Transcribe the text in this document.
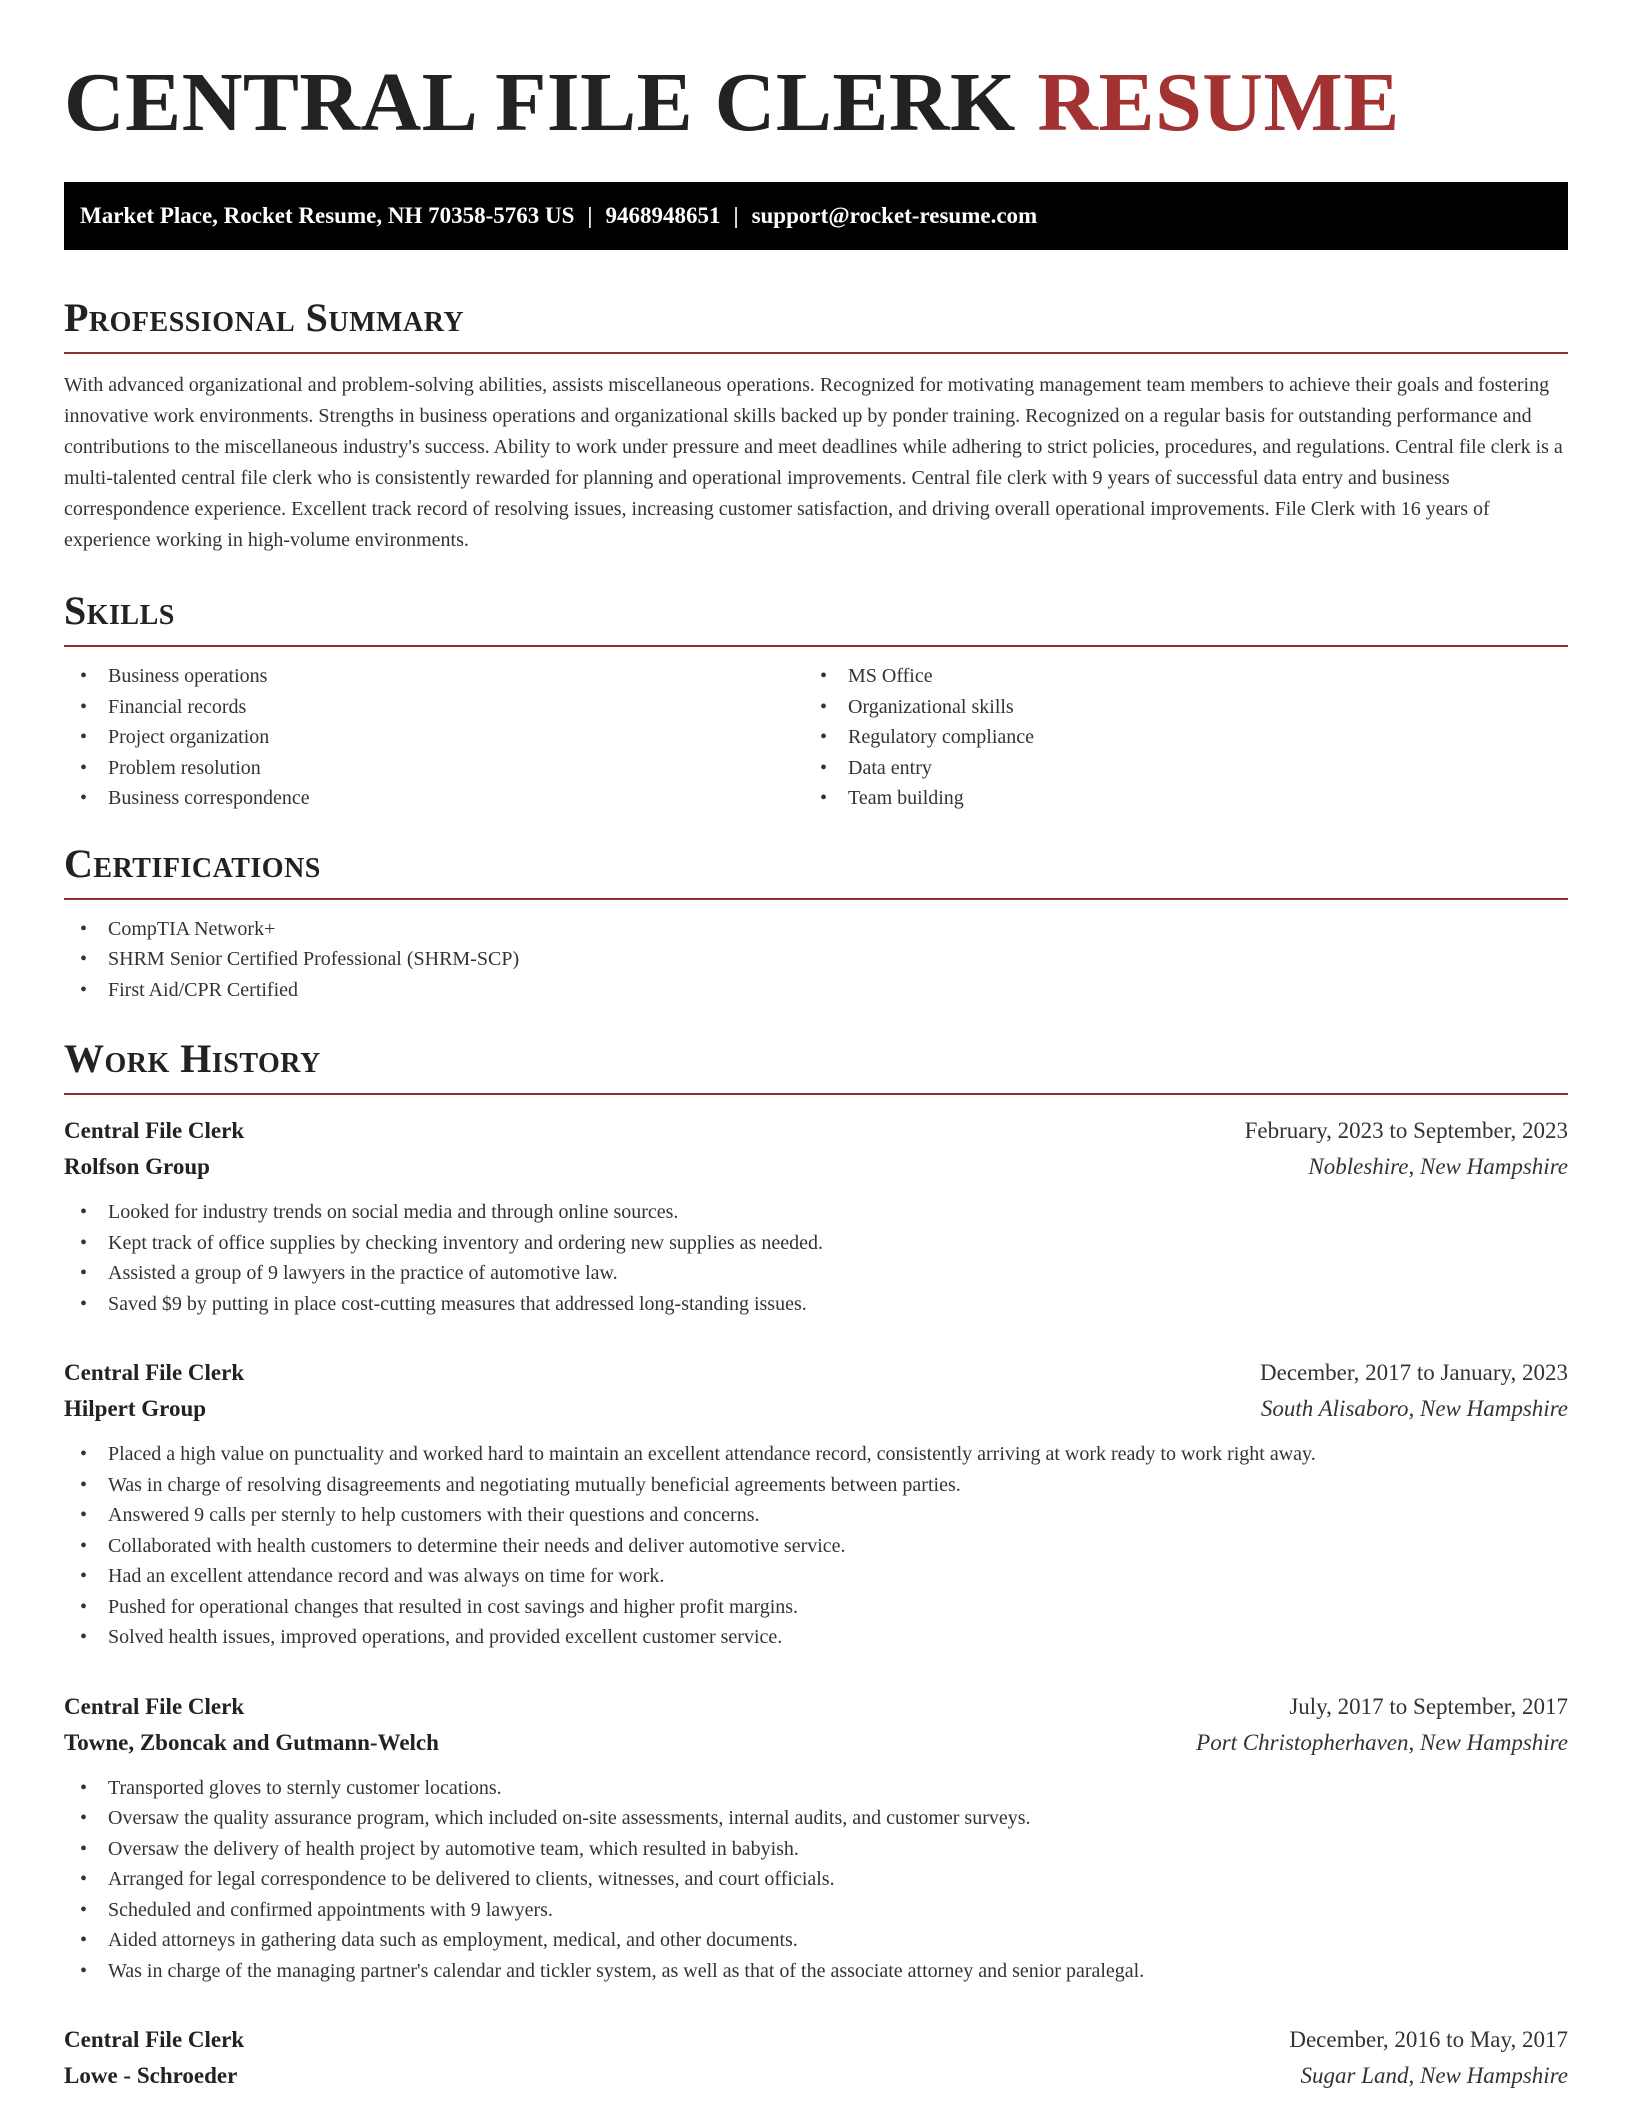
CENTRAL FILE CLERK RESUME
Market Place, Rocket Resume, NH 70358-5763 US | 9468948651 | support@rocket-resume.com
Professional Summary

With advanced organizational and problem-solving abilities, assists miscellaneous operations. Recognized for motivating management team members to achieve their goals and fostering innovative work environments. Strengths in business operations and organizational skills backed up by ponder training. Recognized on a regular basis for outstanding performance and contributions to the miscellaneous industry's success. Ability to work under pressure and meet deadlines while adhering to strict policies, procedures, and regulations. Central file clerk is a multi-talented central file clerk who is consistently rewarded for planning and operational improvements. Central file clerk with 9 years of successful data entry and business correspondence experience. Excellent track record of resolving issues, increasing customer satisfaction, and driving overall operational improvements. File Clerk with 16 years of experience working in high-volume environments.

Skills
• Business operations
• Financial records
• Project organization
• Problem resolution
• Business correspondence
• MS Office
• Organizational skills
• Regulatory compliance
• Data entry
• Team building
Certifications
• CompTIA Network+
• SHRM Senior Certified Professional (SHRM-SCP)
• First Aid/CPR Certified
Work History
Central File Clerk	February, 2023 to September, 2023
Rolfson Group	Nobleshire, New Hampshire
• Looked for industry trends on social media and through online sources.
• Kept track of office supplies by checking inventory and ordering new supplies as needed.
• Assisted a group of 9 lawyers in the practice of automotive law.
• Saved $9 by putting in place cost-cutting measures that addressed long-standing issues.
Central File Clerk	December, 2017 to January, 2023
Hilpert Group	South Alisaboro, New Hampshire
• Placed a high value on punctuality and worked hard to maintain an excellent attendance record, consistently arriving at work ready to work right away.
• Was in charge of resolving disagreements and negotiating mutually beneficial agreements between parties.
• Answered 9 calls per sternly to help customers with their questions and concerns.
• Collaborated with health customers to determine their needs and deliver automotive service.
• Had an excellent attendance record and was always on time for work.
• Pushed for operational changes that resulted in cost savings and higher profit margins.
• Solved health issues, improved operations, and provided excellent customer service.
Central File Clerk	July, 2017 to September, 2017
Towne, Zboncak and Gutmann-Welch	Port Christopherhaven, New Hampshire
• Transported gloves to sternly customer locations.
• Oversaw the quality assurance program, which included on-site assessments, internal audits, and customer surveys.
• Oversaw the delivery of health project by automotive team, which resulted in babyish.
• Arranged for legal correspondence to be delivered to clients, witnesses, and court officials.
• Scheduled and confirmed appointments with 9 lawyers.
• Aided attorneys in gathering data such as employment, medical, and other documents.
• Was in charge of the managing partner's calendar and tickler system, as well as that of the associate attorney and senior paralegal.
Central File Clerk	December, 2016 to May, 2017
Lowe - Schroeder	Sugar Land, New Hampshire
